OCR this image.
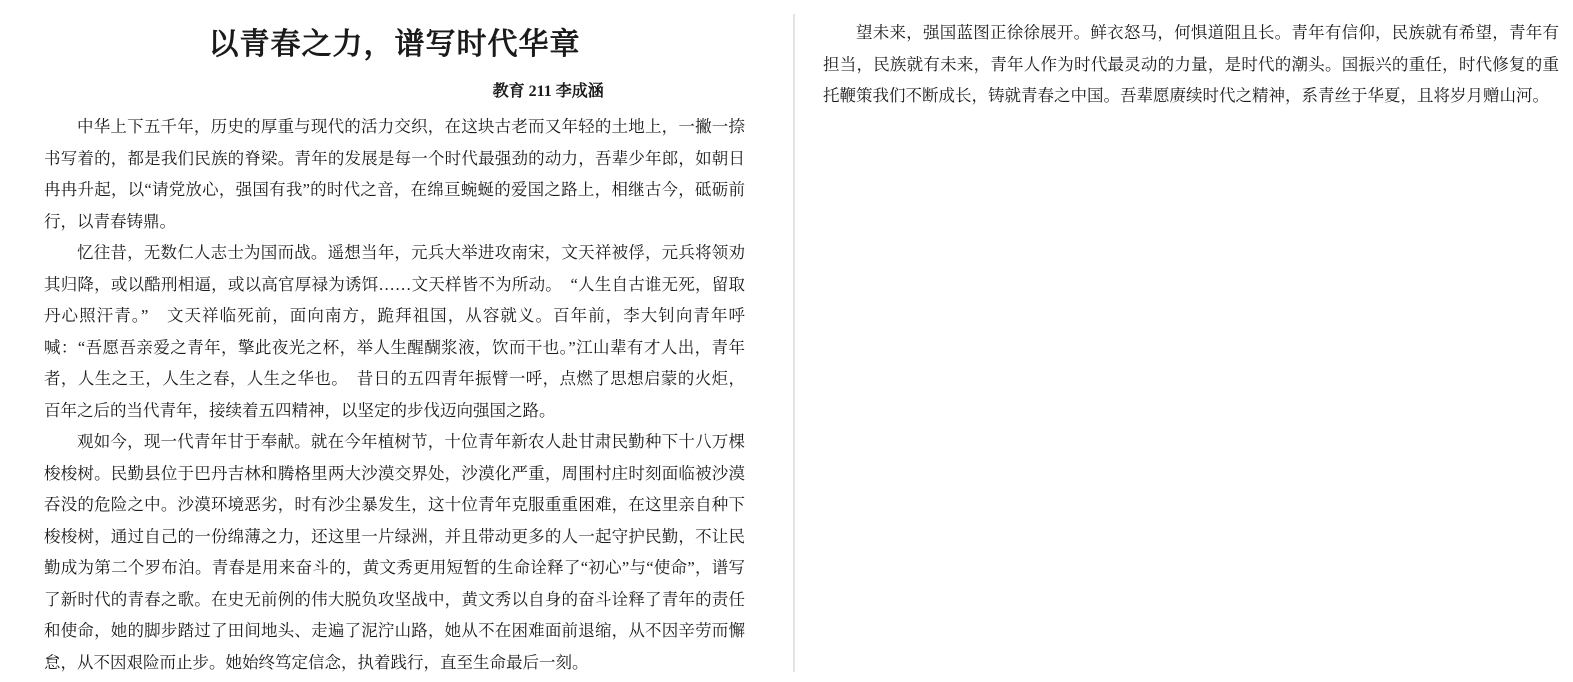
以青春之力，谱写时代华章
教育 211 李成涵

中华上下五千年，历史的厚重与现代的活力交织，在这块古老而又年轻的土地上，一撇一捺书写着的，都是我们民族的脊梁。青年的发展是每一个时代最强劲的动力，吾辈少年郎，如朝日冉冉升起，以“请党放心，强国有我”的时代之音，在绵亘蜿蜒的爱国之路上，相继古今，砥砺前行，以青春铸鼎。

忆往昔，无数仁人志士为国而战。遥想当年，元兵大举进攻南宋，文天祥被俘，元兵将领劝其归降，或以酷刑相逼，或以高官厚禄为诱饵……文天样皆不为所动。　“人生自古谁无死，留取丹心照汗青。”　文天祥临死前，面向南方，跪拜祖国，从容就义。百年前，李大钊向青年呼喊：“吾愿吾亲爱之青年，擎此夜光之杯，举人生醒醐浆液，饮而干也。”江山辈有才人出，青年者，人生之王，人生之春，人生之华也。　昔日的五四青年振臂一呼，点燃了思想启蒙的火炬，百年之后的当代青年，接续着五四精神，以坚定的步伐迈向强国之路。

观如今，现一代青年甘于奉献。就在今年植树节，十位青年新农人赴甘肃民勤种下十八万棵梭梭树。民勤县位于巴丹吉林和腾格里两大沙漠交界处，沙漠化严重，周围村庄时刻面临被沙漠吞没的危险之中。沙漠环境恶劣，时有沙尘暴发生，这十位青年克服重重困难，在这里亲自种下梭梭树，通过自己的一份绵薄之力，还这里一片绿洲，并且带动更多的人一起守护民勤，不让民勤成为第二个罗布泊。青春是用来奋斗的，黄文秀更用短暂的生命诠释了“初心”与“使命”，谱写了新时代的青春之歌。在史无前例的伟大脱负攻坚战中，黄文秀以自身的奋斗诠释了青年的责任和使命，她的脚步踏过了田间地头、走遍了泥泞山路，她从不在困难面前退缩，从不因辛劳而懈怠，从不因艰险而止步。她始终笃定信念，执着践行，直至生命最后一刻。

望未来，强国蓝图正徐徐展开。鲜衣怒马，何惧道阻且长。青年有信仰，民族就有希望，青年有担当，民族就有未来，青年人作为时代最灵动的力量，是时代的潮头。国振兴的重任，时代修复的重托鞭策我们不断成长，铸就青春之中国。吾辈愿赓续时代之精神，系青丝于华夏，且将岁月赠山河。
